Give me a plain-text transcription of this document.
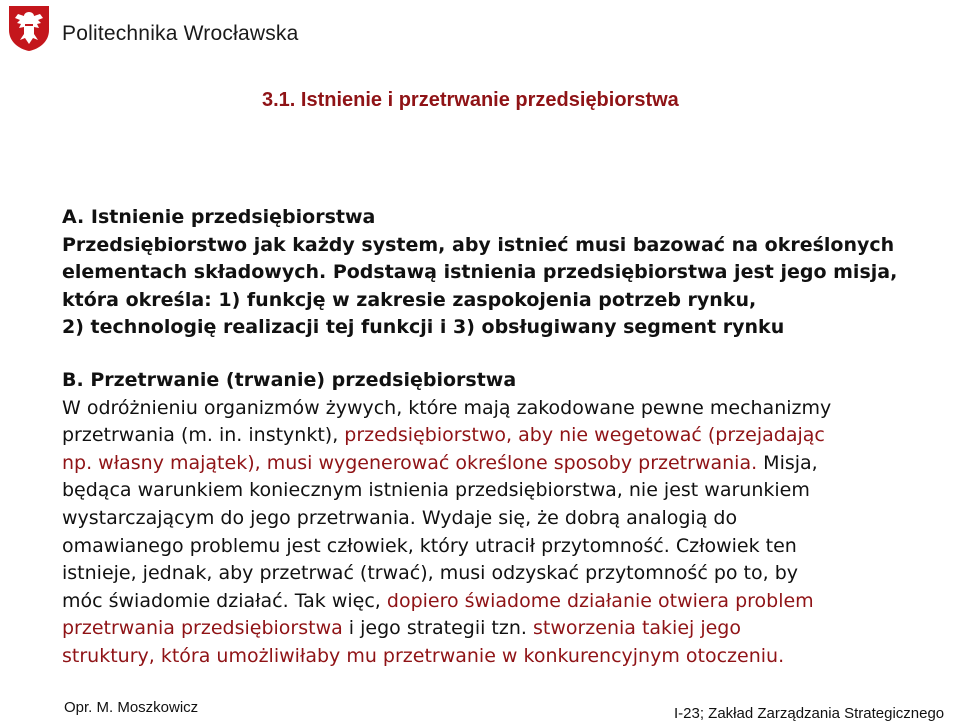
Politechnika Wrocławska
3.1. Istnienie i przetrwanie przedsiębiorstwa
A. Istnienie przedsiębiorstwa
Przedsiębiorstwo jak każdy system, aby istnieć musi bazować na określonych
elementach składowych. Podstawą istnienia przedsiębiorstwa jest jego misja,
która określa: 1) funkcję w zakresie zaspokojenia potrzeb rynku,
2) technologię realizacji tej funkcji i 3) obsługiwany segment rynku
B. Przetrwanie (trwanie) przedsiębiorstwa
W odróżnieniu organizmów żywych, które mają zakodowane pewne mechanizmy
przetrwania (m. in. instynkt), przedsiębiorstwo, aby nie wegetować (przejadając
np. własny majątek), musi wygenerować określone sposoby przetrwania. Misja,
będąca warunkiem koniecznym istnienia przedsiębiorstwa, nie jest warunkiem
wystarczającym do jego przetrwania. Wydaje się, że dobrą analogią do
omawianego problemu jest człowiek, który utracił przytomność. Człowiek ten
istnieje, jednak, aby przetrwać (trwać), musi odzyskać przytomność po to, by
móc świadomie działać. Tak więc, dopiero świadome działanie otwiera problem
przetrwania przedsiębiorstwa i jego strategii tzn. stworzenia takiej jego
struktury, która umożliwiłaby mu przetrwanie w konkurencyjnym otoczeniu.
Opr. M. Moszkowicz	I-23; Zakład Zarządzania Strategicznego
